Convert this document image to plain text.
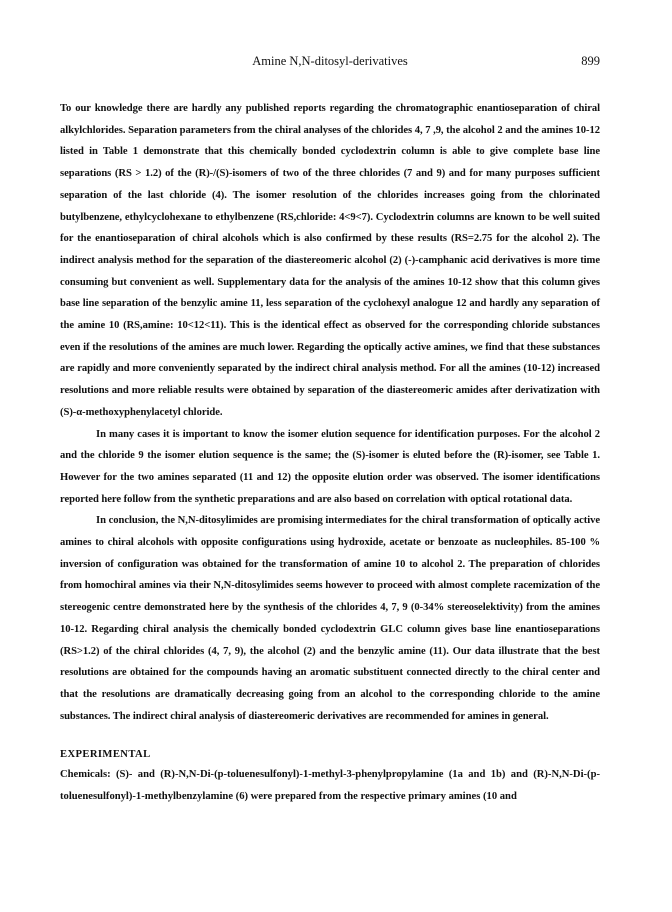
Amine N,N-ditosyl-derivatives	899

To our knowledge there are hardly any published reports regarding the chromatographic enantioseparation of chiral alkylchlorides. Separation parameters from the chiral analyses of the chlorides 4, 7 ,9, the alcohol 2 and the amines 10-12 listed in Table 1 demonstrate that this chemically bonded cyclodextrin column is able to give complete base line separations (RS > 1.2) of the (R)-/(S)-isomers of two of the three chlorides (7 and 9) and for many purposes sufficient separation of the last chloride (4). The isomer resolution of the chlorides increases going from the chlorinated butylbenzene, ethylcyclohexane to ethylbenzene (RS,chloride: 4<9<7). Cyclodextrin columns are known to be well suited for the enantioseparation of chiral alcohols which is also confirmed by these results (RS=2.75 for the alcohol 2). The indirect analysis method for the separation of the diastereomeric alcohol (2) (-)-camphanic acid derivatives is more time consuming but convenient as well. Supplementary data for the analysis of the amines 10-12 show that this column gives base line separation of the benzylic amine 11, less separation of the cyclohexyl analogue 12 and hardly any separation of the amine 10 (RS,amine: 10<12<11). This is the identical effect as observed for the corresponding chloride substances even if the resolutions of the amines are much lower. Regarding the optically active amines, we find that these substances are rapidly and more conveniently separated by the indirect chiral analysis method. For all the amines (10-12) increased resolutions and more reliable results were obtained by separation of the diastereomeric amides after derivatization with (S)-α-methoxyphenylacetyl chloride.

In many cases it is important to know the isomer elution sequence for identification purposes. For the alcohol 2 and the chloride 9 the isomer elution sequence is the same; the (S)-isomer is eluted before the (R)-isomer, see Table 1. However for the two amines separated (11 and 12) the opposite elution order was observed. The isomer identifications reported here follow from the synthetic preparations and are also based on correlation with optical rotational data.

In conclusion, the N,N-ditosylimides are promising intermediates for the chiral transformation of optically active amines to chiral alcohols with opposite configurations using hydroxide, acetate or benzoate as nucleophiles. 85-100 % inversion of configuration was obtained for the transformation of amine 10 to alcohol 2. The preparation of chlorides from homochiral amines via their N,N-ditosylimides seems however to proceed with almost complete racemization of the stereogenic centre demonstrated here by the synthesis of the chlorides 4, 7, 9 (0-34% stereoselektivity) from the amines 10-12. Regarding chiral analysis the chemically bonded cyclodextrin GLC column gives base line enantioseparations (RS>1.2) of the chiral chlorides (4, 7, 9), the alcohol (2) and the benzylic amine (11). Our data illustrate that the best resolutions are obtained for the compounds having an aromatic substituent connected directly to the chiral center and that the resolutions are dramatically decreasing going from an alcohol to the corresponding chloride to the amine substances. The indirect chiral analysis of diastereomeric derivatives are recommended for amines in general.

EXPERIMENTAL
Chemicals: (S)- and (R)-N,N-Di-(p-toluenesulfonyl)-1-methyl-3-phenylpropylamine (1a and 1b) and (R)-N,N-Di-(p-toluenesulfonyl)-1-methylbenzylamine (6) were prepared from the respective primary amines (10 and
